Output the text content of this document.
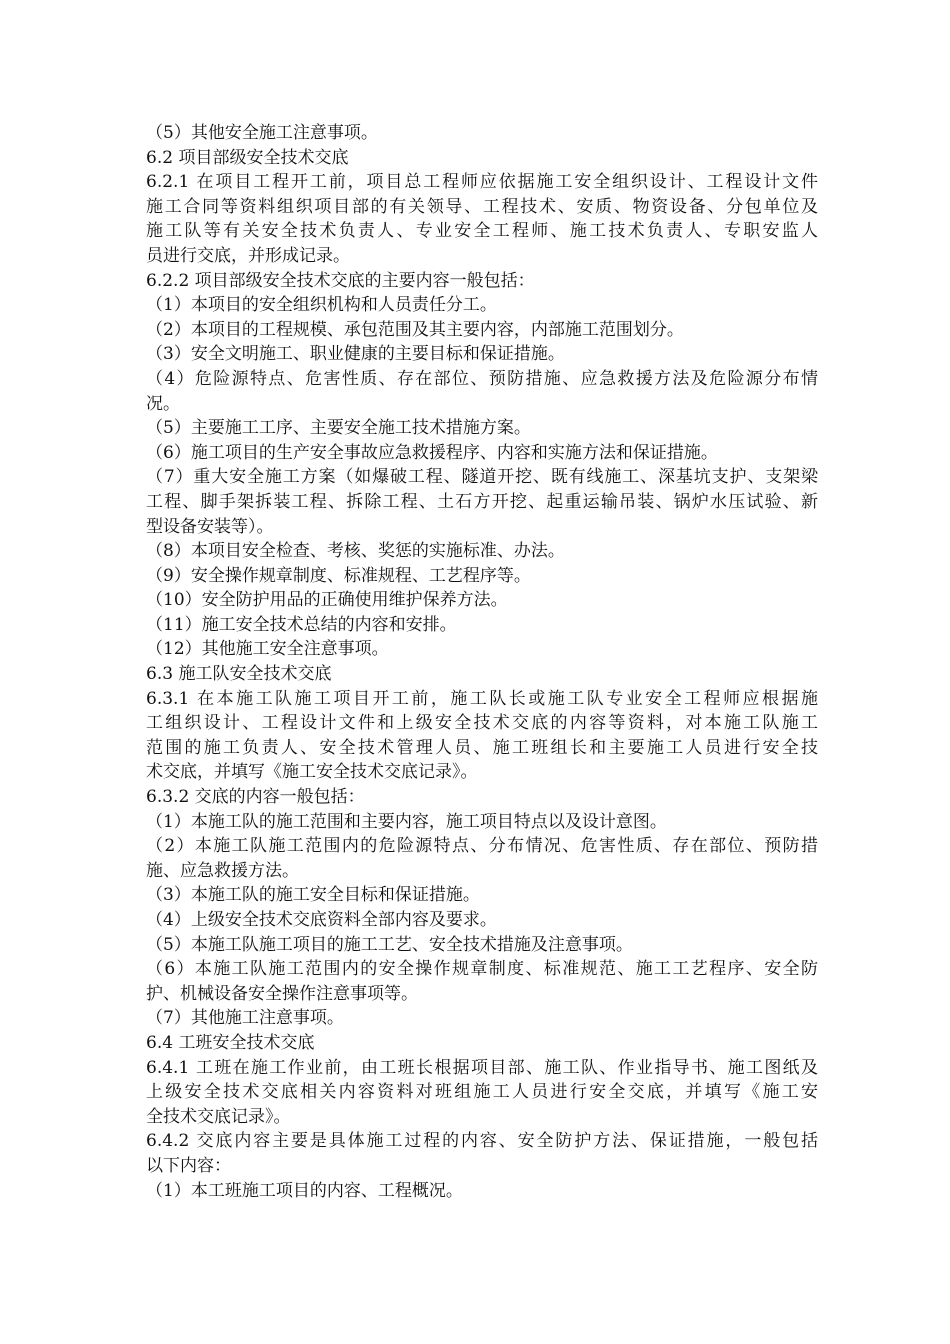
（5）其他安全施工注意事项。
6.2 项目部级安全技术交底
6.2.1 在项目工程开工前，项目总工程师应依据施工安全组织设计、工程设计文件
施工合同等资料组织项目部的有关领导、工程技术、安质、物资设备、分包单位及
施工队等有关安全技术负责人、专业安全工程师、施工技术负责人、专职安监人
员进行交底，并形成记录。
6.2.2 项目部级安全技术交底的主要内容一般包括：
（1）本项目的安全组织机构和人员责任分工。
（2）本项目的工程规模、承包范围及其主要内容，内部施工范围划分。
（3）安全文明施工、职业健康的主要目标和保证措施。
（4）危险源特点、危害性质、存在部位、预防措施、应急救援方法及危险源分布情
况。
（5）主要施工工序、主要安全施工技术措施方案。
（6）施工项目的生产安全事故应急救援程序、内容和实施方法和保证措施。
（7）重大安全施工方案（如爆破工程、隧道开挖、既有线施工、深基坑支护、支架梁
工程、脚手架拆装工程、拆除工程、土石方开挖、起重运输吊装、锅炉水压试验、新
型设备安装等）。
（8）本项目安全检查、考核、奖惩的实施标准、办法。
（9）安全操作规章制度、标准规程、工艺程序等。
（10）安全防护用品的正确使用维护保养方法。
（11）施工安全技术总结的内容和安排。
（12）其他施工安全注意事项。
6.3 施工队安全技术交底
6.3.1 在本施工队施工项目开工前，施工队长或施工队专业安全工程师应根据施
工组织设计、工程设计文件和上级安全技术交底的内容等资料，对本施工队施工
范围的施工负责人、安全技术管理人员、施工班组长和主要施工人员进行安全技
术交底，并填写《施工安全技术交底记录》。
6.3.2 交底的内容一般包括：
（1）本施工队的施工范围和主要内容，施工项目特点以及设计意图。
（2）本施工队施工范围内的危险源特点、分布情况、危害性质、存在部位、预防措
施、应急救援方法。
（3）本施工队的施工安全目标和保证措施。
（4）上级安全技术交底资料全部内容及要求。
（5）本施工队施工项目的施工工艺、安全技术措施及注意事项。
（6）本施工队施工范围内的安全操作规章制度、标准规范、施工工艺程序、安全防
护、机械设备安全操作注意事项等。
（7）其他施工注意事项。
6.4 工班安全技术交底
6.4.1 工班在施工作业前，由工班长根据项目部、施工队、作业指导书、施工图纸及
上级安全技术交底相关内容资料对班组施工人员进行安全交底，并填写《施工安
全技术交底记录》。
6.4.2 交底内容主要是具体施工过程的内容、安全防护方法、保证措施，一般包括
以下内容：
（1）本工班施工项目的内容、工程概况。
